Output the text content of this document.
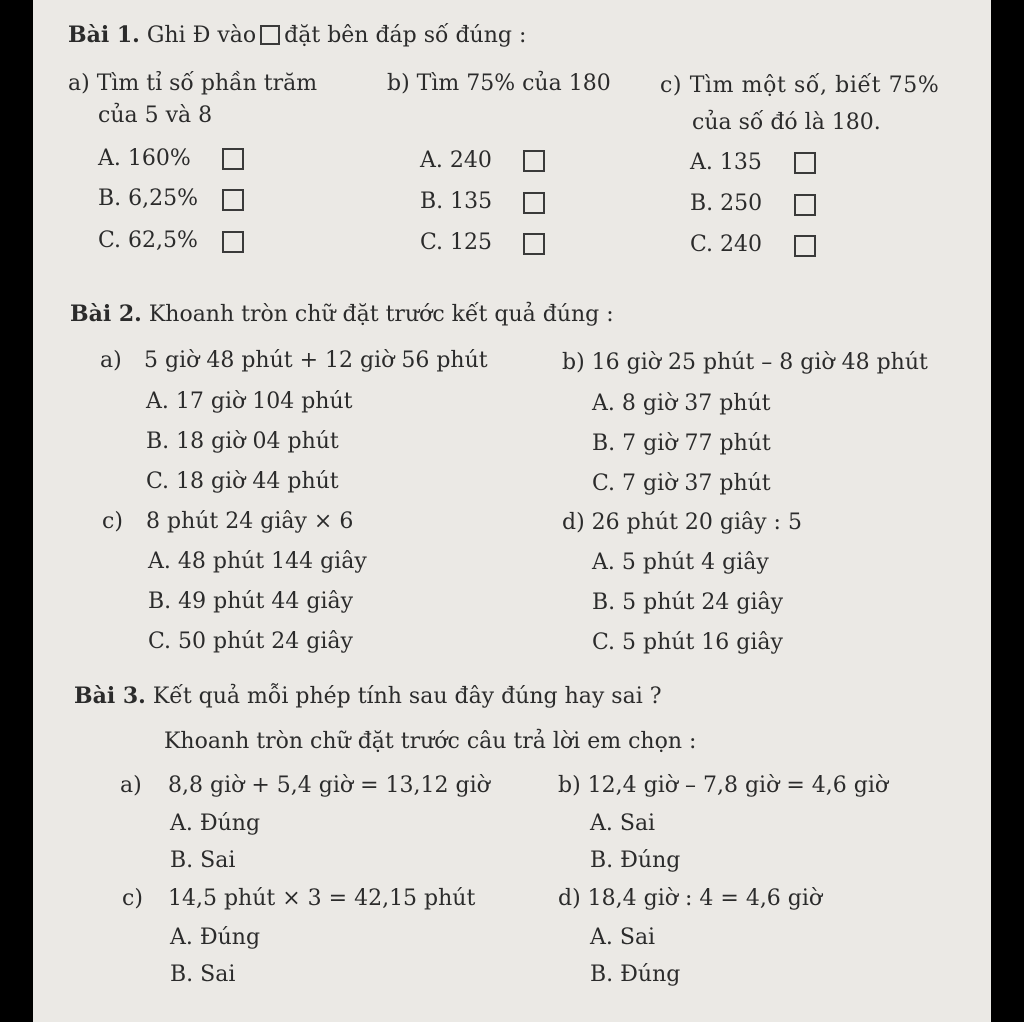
Bài 1. Ghi Đ vào đặt bên đáp số đúng :
a) Tìm tỉ số phần trăm
của 5 và 8
b) Tìm 75% của 180 c) Tìm một số, biết 75%
của số đó là 180.
A. 160%
B. 6,25%
C. 62,5%
A. 240
B. 135
C. 125
A. 135
B. 250
C. 240
Bài 2. Khoanh tròn chữ đặt trước kết quả đúng :
a) 5 giờ 48 phút + 12 giờ 56 phút	b) 16 giờ 25 phút – 8 giờ 48 phút
A. 17 giờ 104 phút
B. 18 giờ 04 phút
C. 18 giờ 44 phút
A. 8 giờ 37 phút
B. 7 giờ 77 phút
C. 7 giờ 37 phút
c) 8 phút 24 giây × 6	d) 26 phút 20 giây : 5
A. 48 phút 144 giây
B. 49 phút 44 giây
C. 50 phút 24 giây
A. 5 phút 4 giây
B. 5 phút 24 giây
C. 5 phút 16 giây
Bài 3. Kết quả mỗi phép tính sau đây đúng hay sai ?
Khoanh tròn chữ đặt trước câu trả lời em chọn :
a) 8,8 giờ + 5,4 giờ = 13,12 giờ	b) 12,4 giờ – 7,8 giờ = 4,6 giờ
A. Đúng
B. Sai
A. Sai
B. Đúng
c) 14,5 phút × 3 = 42,15 phút	d) 18,4 giờ : 4 = 4,6 giờ
A. Đúng
B. Sai
A. Sai
B. Đúng
